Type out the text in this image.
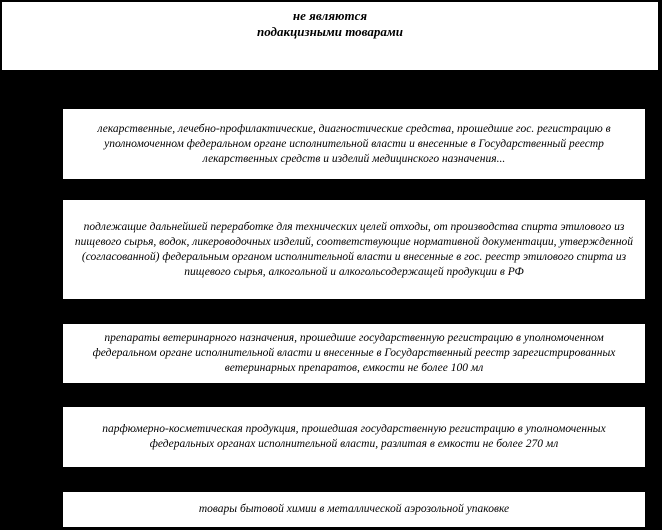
не являются
подакцизными товарами
лекарственные, лечебно-профилактические, диагностические средства, прошедшие гос. регистрацию в уполномоченном федеральном органе исполнительной власти и внесенные в Государственный реестр лекарственных средств и изделий медицинского назначения...
подлежащие дальнейшей переработке для технических целей отходы, от производства спирта этилового из пищевого сырья, водок, ликероводочных изделий, соответствующие нормативной документации, утвержденной (согласованной) федеральным органом исполнительной власти и внесенные в гос. реестр этилового спирта из пищевого сырья, алкогольной и алкогольсодержащей продукции в РФ
препараты ветеринарного назначения, прошедшие государственную регистрацию в уполномоченном федеральном органе исполнительной власти и внесенные в Государственный реестр зарегистрированных ветеринарных препаратов, емкости не более 100 мл
парфюмерно-косметическая продукция, прошедшая государственную регистрацию в уполномоченных федеральных органах исполнительной власти, разлитая в емкости не более 270 мл
товары бытовой химии в металлической аэрозольной упаковке
